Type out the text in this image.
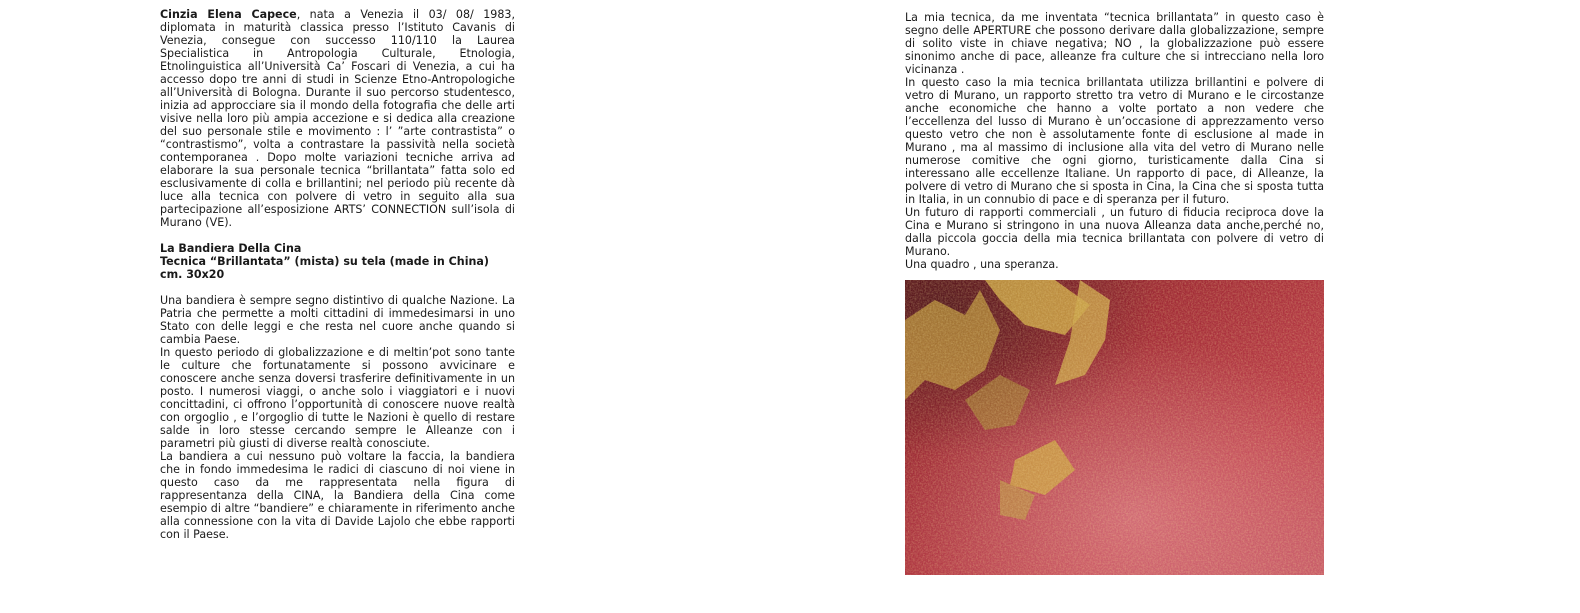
Cinzia Elena Capece, nata a Venezia il 03/ 08/ 1983, diplomata in maturità classica presso l’Istituto Cavanis di Venezia, consegue con successo 110/110 la Laurea Specialistica in Antropologia Culturale, Etnologia, Etnolinguistica all’Università Ca’ Foscari di Venezia, a cui ha accesso dopo tre anni di studi in Scienze Etno-Antropologiche all’Università di Bologna. Durante il suo percorso studentesco, inizia ad approcciare sia il mondo della fotografia che delle arti visive nella loro più ampia accezione e si dedica alla creazione del suo personale stile e movimento : l’ ”arte contrastista” o “contrastismo”, volta a contrastare la passività nella società contemporanea . Dopo molte variazioni tecniche arriva ad elaborare la sua personale tecnica “brillantata” fatta solo ed esclusivamente di colla e brillantini; nel periodo più recente dà luce alla tecnica con polvere di vetro in seguito alla sua partecipazione all’esposizione ARTS’ CONNECTION sull’isola di Murano (VE).

La Bandiera Della Cina

Tecnica “Brillantata” (mista) su tela (made in China)

cm. 30x20

Una bandiera è sempre segno distintivo di qualche Nazione. La Patria che permette a molti cittadini di immedesimarsi in uno Stato con delle leggi e che resta nel cuore anche quando si cambia Paese.

In questo periodo di globalizzazione e di meltin’pot sono tante le culture che fortunatamente si possono avvicinare e conoscere anche senza doversi trasferire definitivamente in un posto. I numerosi viaggi, o anche solo i viaggiatori e i nuovi concittadini, ci offrono l’opportunità di conoscere nuove realtà con orgoglio , e l’orgoglio di tutte le Nazioni è quello di restare salde in loro stesse cercando sempre le Alleanze con i parametri più giusti di diverse realtà conosciute.

La bandiera a cui nessuno può voltare la faccia, la bandiera che in fondo immedesima le radici di ciascuno di noi viene in questo caso da me rappresentata nella figura di rappresentanza della CINA, la Bandiera della Cina come esempio di altre “bandiere” e chiaramente in riferimento anche alla connessione con la vita di Davide Lajolo che ebbe rapporti con il Paese.

La mia tecnica, da me inventata “tecnica brillantata” in questo caso è segno delle APERTURE che possono derivare dalla globalizzazione, sempre di solito viste in chiave negativa; NO , la globalizzazione può essere sinonimo anche di pace, alleanze fra culture che si intrecciano nella loro vicinanza .

In questo caso la mia tecnica brillantata utilizza brillantini e polvere di vetro di Murano, un rapporto stretto tra vetro di Murano e le circostanze anche economiche che hanno a volte portato a non vedere che l’eccellenza del lusso di Murano è un’occasione di apprezzamento verso questo vetro che non è assolutamente fonte di esclusione al made in Murano , ma al massimo di inclusione alla vita del vetro di Murano nelle numerose comitive che ogni giorno, turisticamente dalla Cina si interessano alle eccellenze Italiane. Un rapporto di pace, di Alleanze, la polvere di vetro di Murano che si sposta in Cina, la Cina che si sposta tutta in Italia, in un connubio di pace e di speranza per il futuro.

Un futuro di rapporti commerciali , un futuro di fiducia reciproca dove la Cina e Murano si stringono in una nuova Alleanza data anche,perché no, dalla piccola goccia della mia tecnica brillantata con polvere di vetro di Murano.

Una quadro , una speranza.
